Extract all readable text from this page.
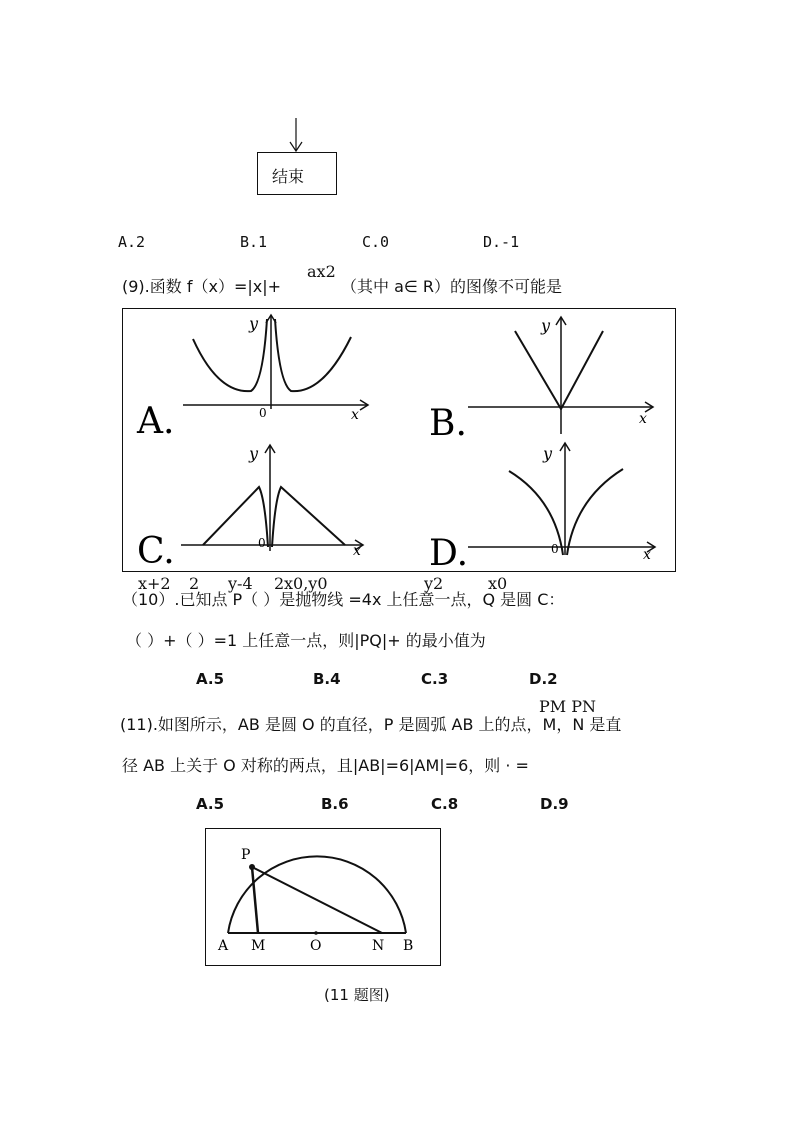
结束
A.2	B.1	C.0	D.-1
(9).函数 f（x）=|x|+
ax2
（其中 a∈ R）的图像不可能是
A.
y
x
0	B.
y
x
C.
y
x
0	D.
y
x
0
x+2 2 y-4 2 x0,y0	y2	x0
（10）.已知点 P（ ）是抛物线 =4x 上任意一点，Q 是圆 C：
（ ）+（ ）=1 上任意一点，则|PQ|+ 的最小值为
A.5	B.4	C.3	D.2
PM PN
(11).如图所示，AB 是圆 O 的直径，P 是圆弧 AB 上的点，M，N 是直
径 AB 上关于 O 对称的两点，且|AB|=6|AM|=6，则 · =
A.5	B.6	C.8	D.9
P
A M	O	N B
(11 题图)
